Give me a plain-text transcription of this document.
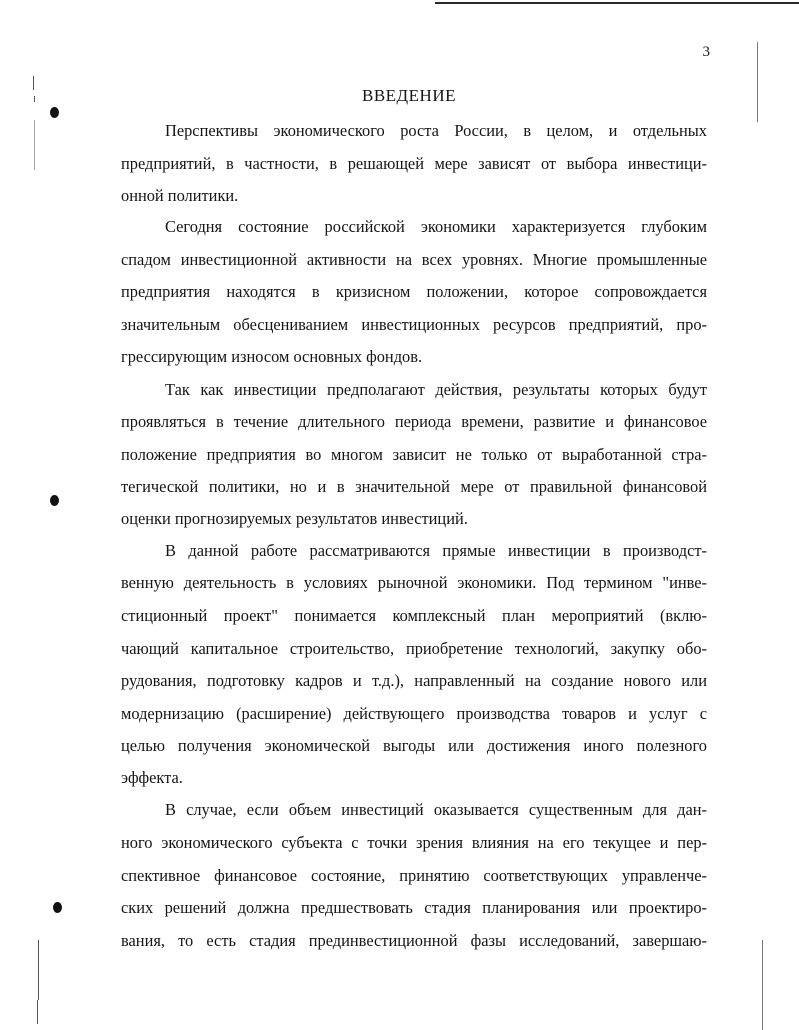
3
ВВЕДЕНИЕ
Перспективы экономического роста России, в целом, и отдельных
предприятий, в частности, в решающей мере зависят от выбора инвестици-
онной политики.
Сегодня состояние российской экономики характеризуется глубоким
спадом инвестиционной активности на всех уровнях. Многие промышленные
предприятия находятся в кризисном положении, которое сопровождается
значительным обесцениванием инвестиционных ресурсов предприятий, про-
грессирующим износом основных фондов.
Так как инвестиции предполагают действия, результаты которых будут
проявляться в течение длительного периода времени, развитие и финансовое
положение предприятия во многом зависит не только от выработанной стра-
тегической политики, но и в значительной мере от правильной финансовой
оценки прогнозируемых результатов инвестиций.
В данной работе рассматриваются прямые инвестиции в производст-
венную деятельность в условиях рыночной экономики. Под термином "инве-
стиционный проект" понимается комплексный план мероприятий (вклю-
чающий капитальное строительство, приобретение технологий, закупку обо-
рудования, подготовку кадров и т.д.), направленный на создание нового или
модернизацию (расширение) действующего производства товаров и услуг с
целью получения экономической выгоды или достижения иного полезного
эффекта.
В случае, если объем инвестиций оказывается существенным для дан-
ного экономического субъекта с точки зрения влияния на его текущее и пер-
спективное финансовое состояние, принятию соответствующих управленче-
ских решений должна предшествовать стадия планирования или проектиро-
вания, то есть стадия прединвестиционной фазы исследований, завершаю-
